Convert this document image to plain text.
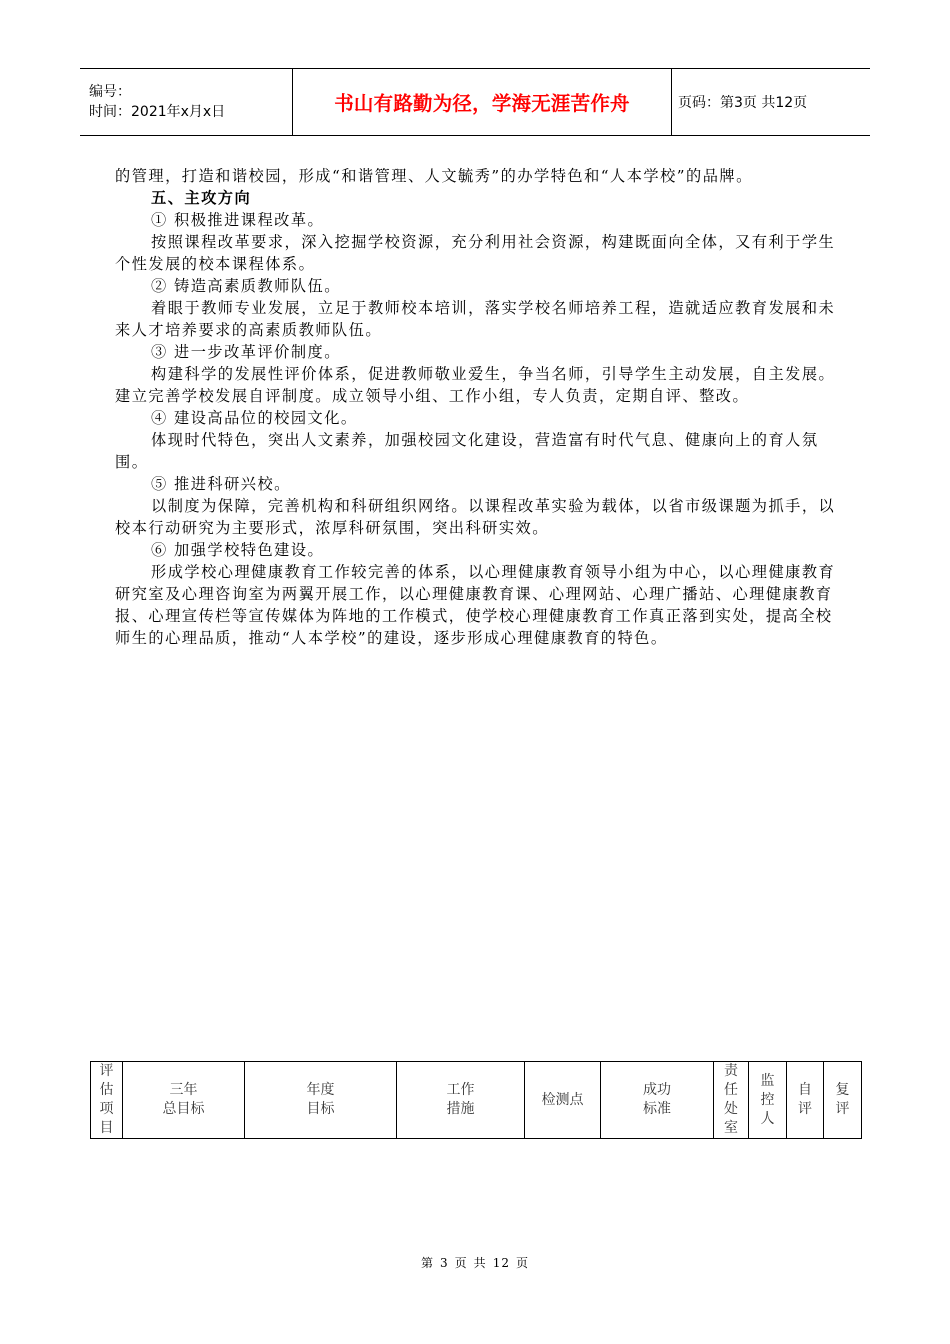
编号：
时间：2021年x月x日	书山有路勤为径，学海无涯苦作舟	页码：第3页 共12页

的管理，打造和谐校园，形成“和谐管理、人文毓秀”的办学特色和“人本学校”的品牌。

五、主攻方向

① 积极推进课程改革。

按照课程改革要求，深入挖掘学校资源，充分利用社会资源，构建既面向全体，又有利于学生个性发展的校本课程体系。

② 铸造高素质教师队伍。

着眼于教师专业发展，立足于教师校本培训，落实学校名师培养工程，造就适应教育发展和未来人才培养要求的高素质教师队伍。

③ 进一步改革评价制度。

构建科学的发展性评价体系，促进教师敬业爱生，争当名师，引导学生主动发展，自主发展。建立完善学校发展自评制度。成立领导小组、工作小组，专人负责，定期自评、整改。

④ 建设高品位的校园文化。

体现时代特色，突出人文素养，加强校园文化建设，营造富有时代气息、健康向上的育人氛围。

⑤ 推进科研兴校。

以制度为保障，完善机构和科研组织网络。以课程改革实验为载体，以省市级课题为抓手，以校本行动研究为主要形式，浓厚科研氛围，突出科研实效。

⑥ 加强学校特色建设。

形成学校心理健康教育工作较完善的体系，以心理健康教育领导小组为中心，以心理健康教育研究室及心理咨询室为两翼开展工作，以心理健康教育课、心理网站、心理广播站、心理健康教育报、心理宣传栏等宣传媒体为阵地的工作模式，使学校心理健康教育工作真正落到实处，提高全校师生的心理品质，推动“人本学校”的建设，逐步形成心理健康教育的特色。

评
估
项
目

三年
总目标

年度
目标

工作
措施

检测点

成功
标准

责
任
处
室

监
控
人

自
评

复
评
第 3 页 共 12 页
